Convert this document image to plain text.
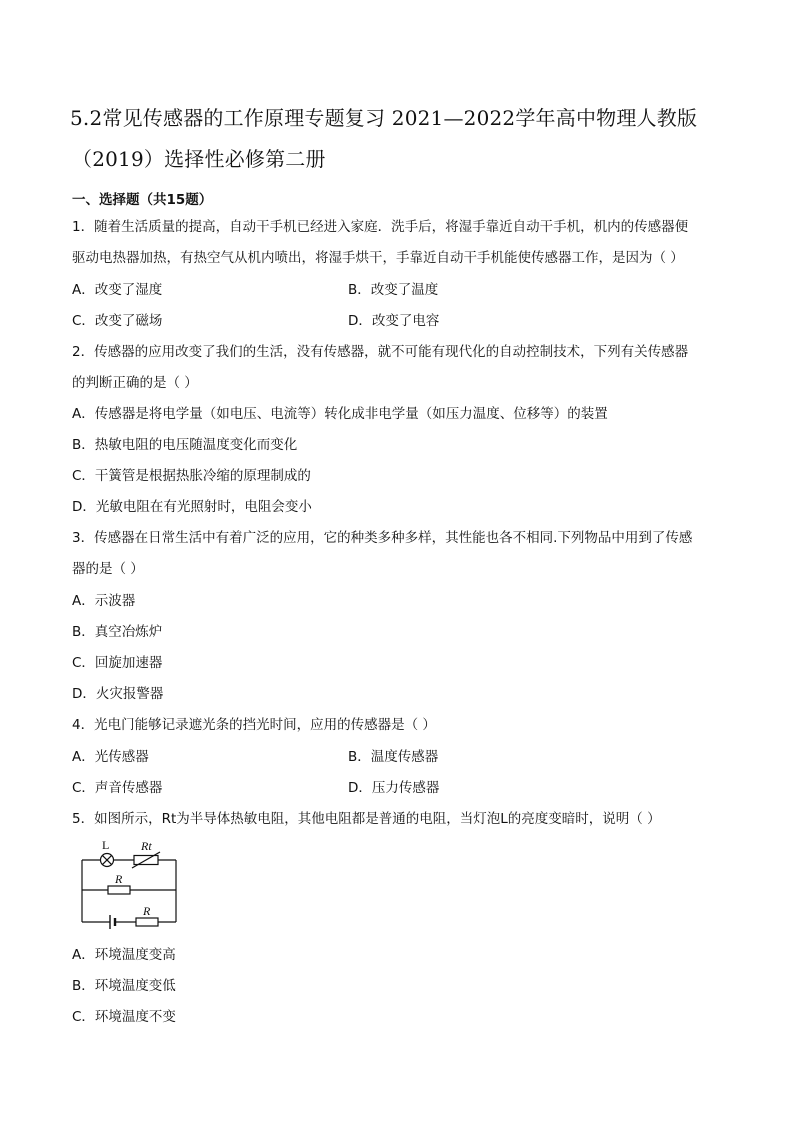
5.2常见传感器的工作原理专题复习 2021—2022学年高中物理人教版
（2019）选择性必修第二册
一、选择题（共15题）
1．随着生活质量的提高，自动干手机已经进入家庭．洗手后，将湿手靠近自动干手机，机内的传感器便
驱动电热器加热，有热空气从机内喷出，将湿手烘干，手靠近自动干手机能使传感器工作，是因为（ ）
A．改变了湿度	B．改变了温度
C．改变了磁场	D．改变了电容
2．传感器的应用改变了我们的生活，没有传感器，就不可能有现代化的自动控制技术，下列有关传感器
的判断正确的是（ ）
A．传感器是将电学量（如电压、电流等）转化成非电学量（如压力温度、位移等）的装置
B．热敏电阻的电压随温度变化而变化
C．干簧管是根据热胀冷缩的原理制成的
D．光敏电阻在有光照射时，电阻会变小
3．传感器在日常生活中有着广泛的应用，它的种类多种多样，其性能也各不相同.下列物品中用到了传感
器的是（ ）
A．示波器
B．真空冶炼炉
C．回旋加速器
D．火灾报警器
4．光电门能够记录遮光条的挡光时间，应用的传感器是（ ）
A．光传感器	B．温度传感器
C．声音传感器	D．压力传感器
5．如图所示，Rt为半导体热敏电阻，其他电阻都是普通的电阻，当灯泡L的亮度变暗时，说明（ ）
L	Rt
R
R
A．环境温度变高
B．环境温度变低
C．环境温度不变
